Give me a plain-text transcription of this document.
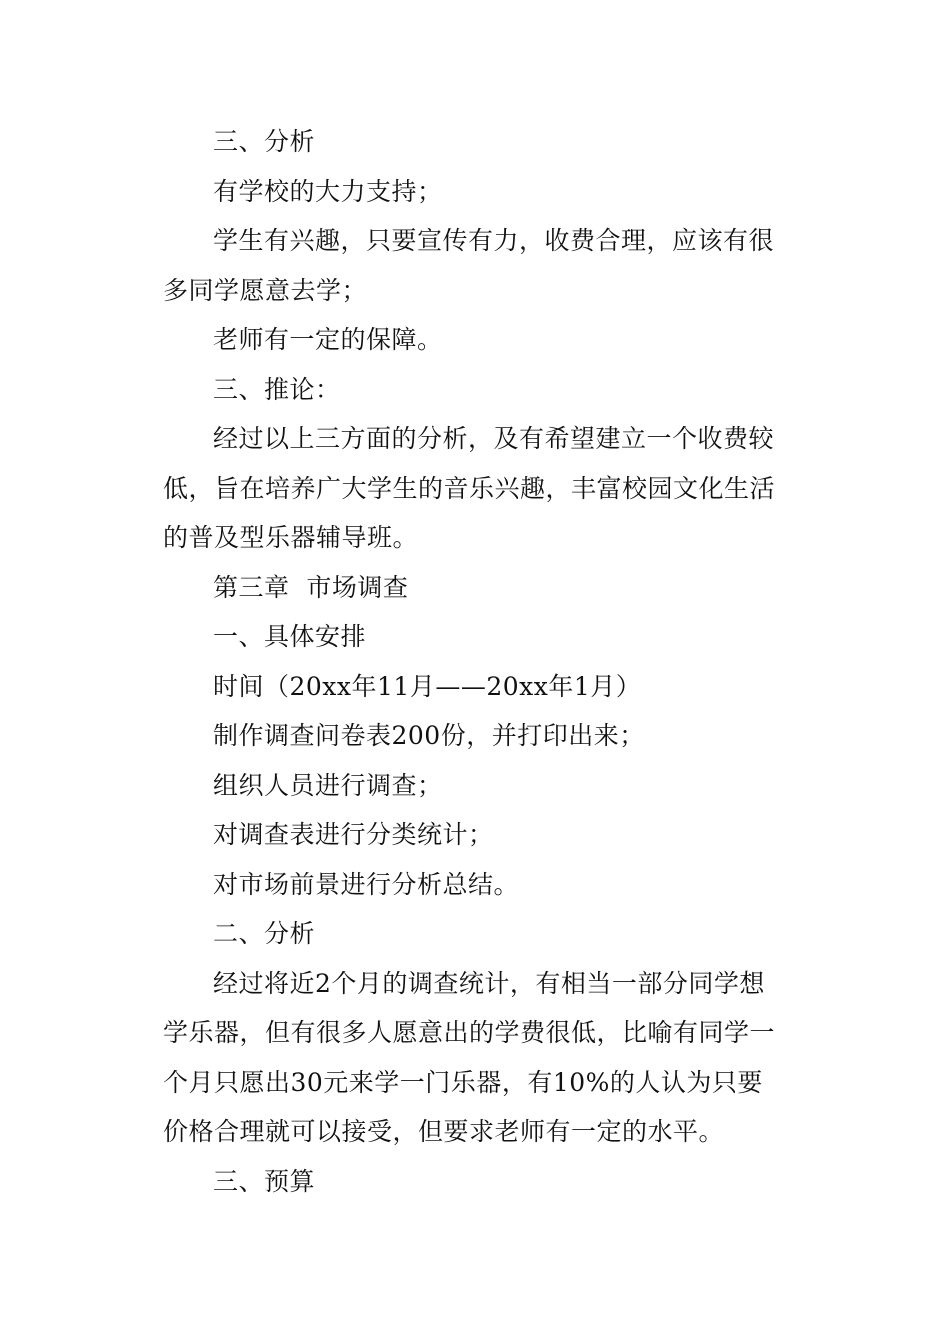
三、分析

有学校的大力支持；

学生有兴趣，只要宣传有力，收费合理，应该有很多同学愿意去学；

老师有一定的保障。

三、推论：

经过以上三方面的分析，及有希望建立一个收费较低，旨在培养广大学生的音乐兴趣，丰富校园文化生活的普及型乐器辅导班。

第三章  市场调查

一、具体安排

时间（20xx年11月——20xx年1月）

制作调查问卷表200份，并打印出来；

组织人员进行调查；

对调查表进行分类统计；

对市场前景进行分析总结。

二、分析

经过将近2个月的调查统计，有相当一部分同学想学乐器，但有很多人愿意出的学费很低，比喻有同学一个月只愿出30元来学一门乐器，有10%的人认为只要价格合理就可以接受，但要求老师有一定的水平。

三、预算
